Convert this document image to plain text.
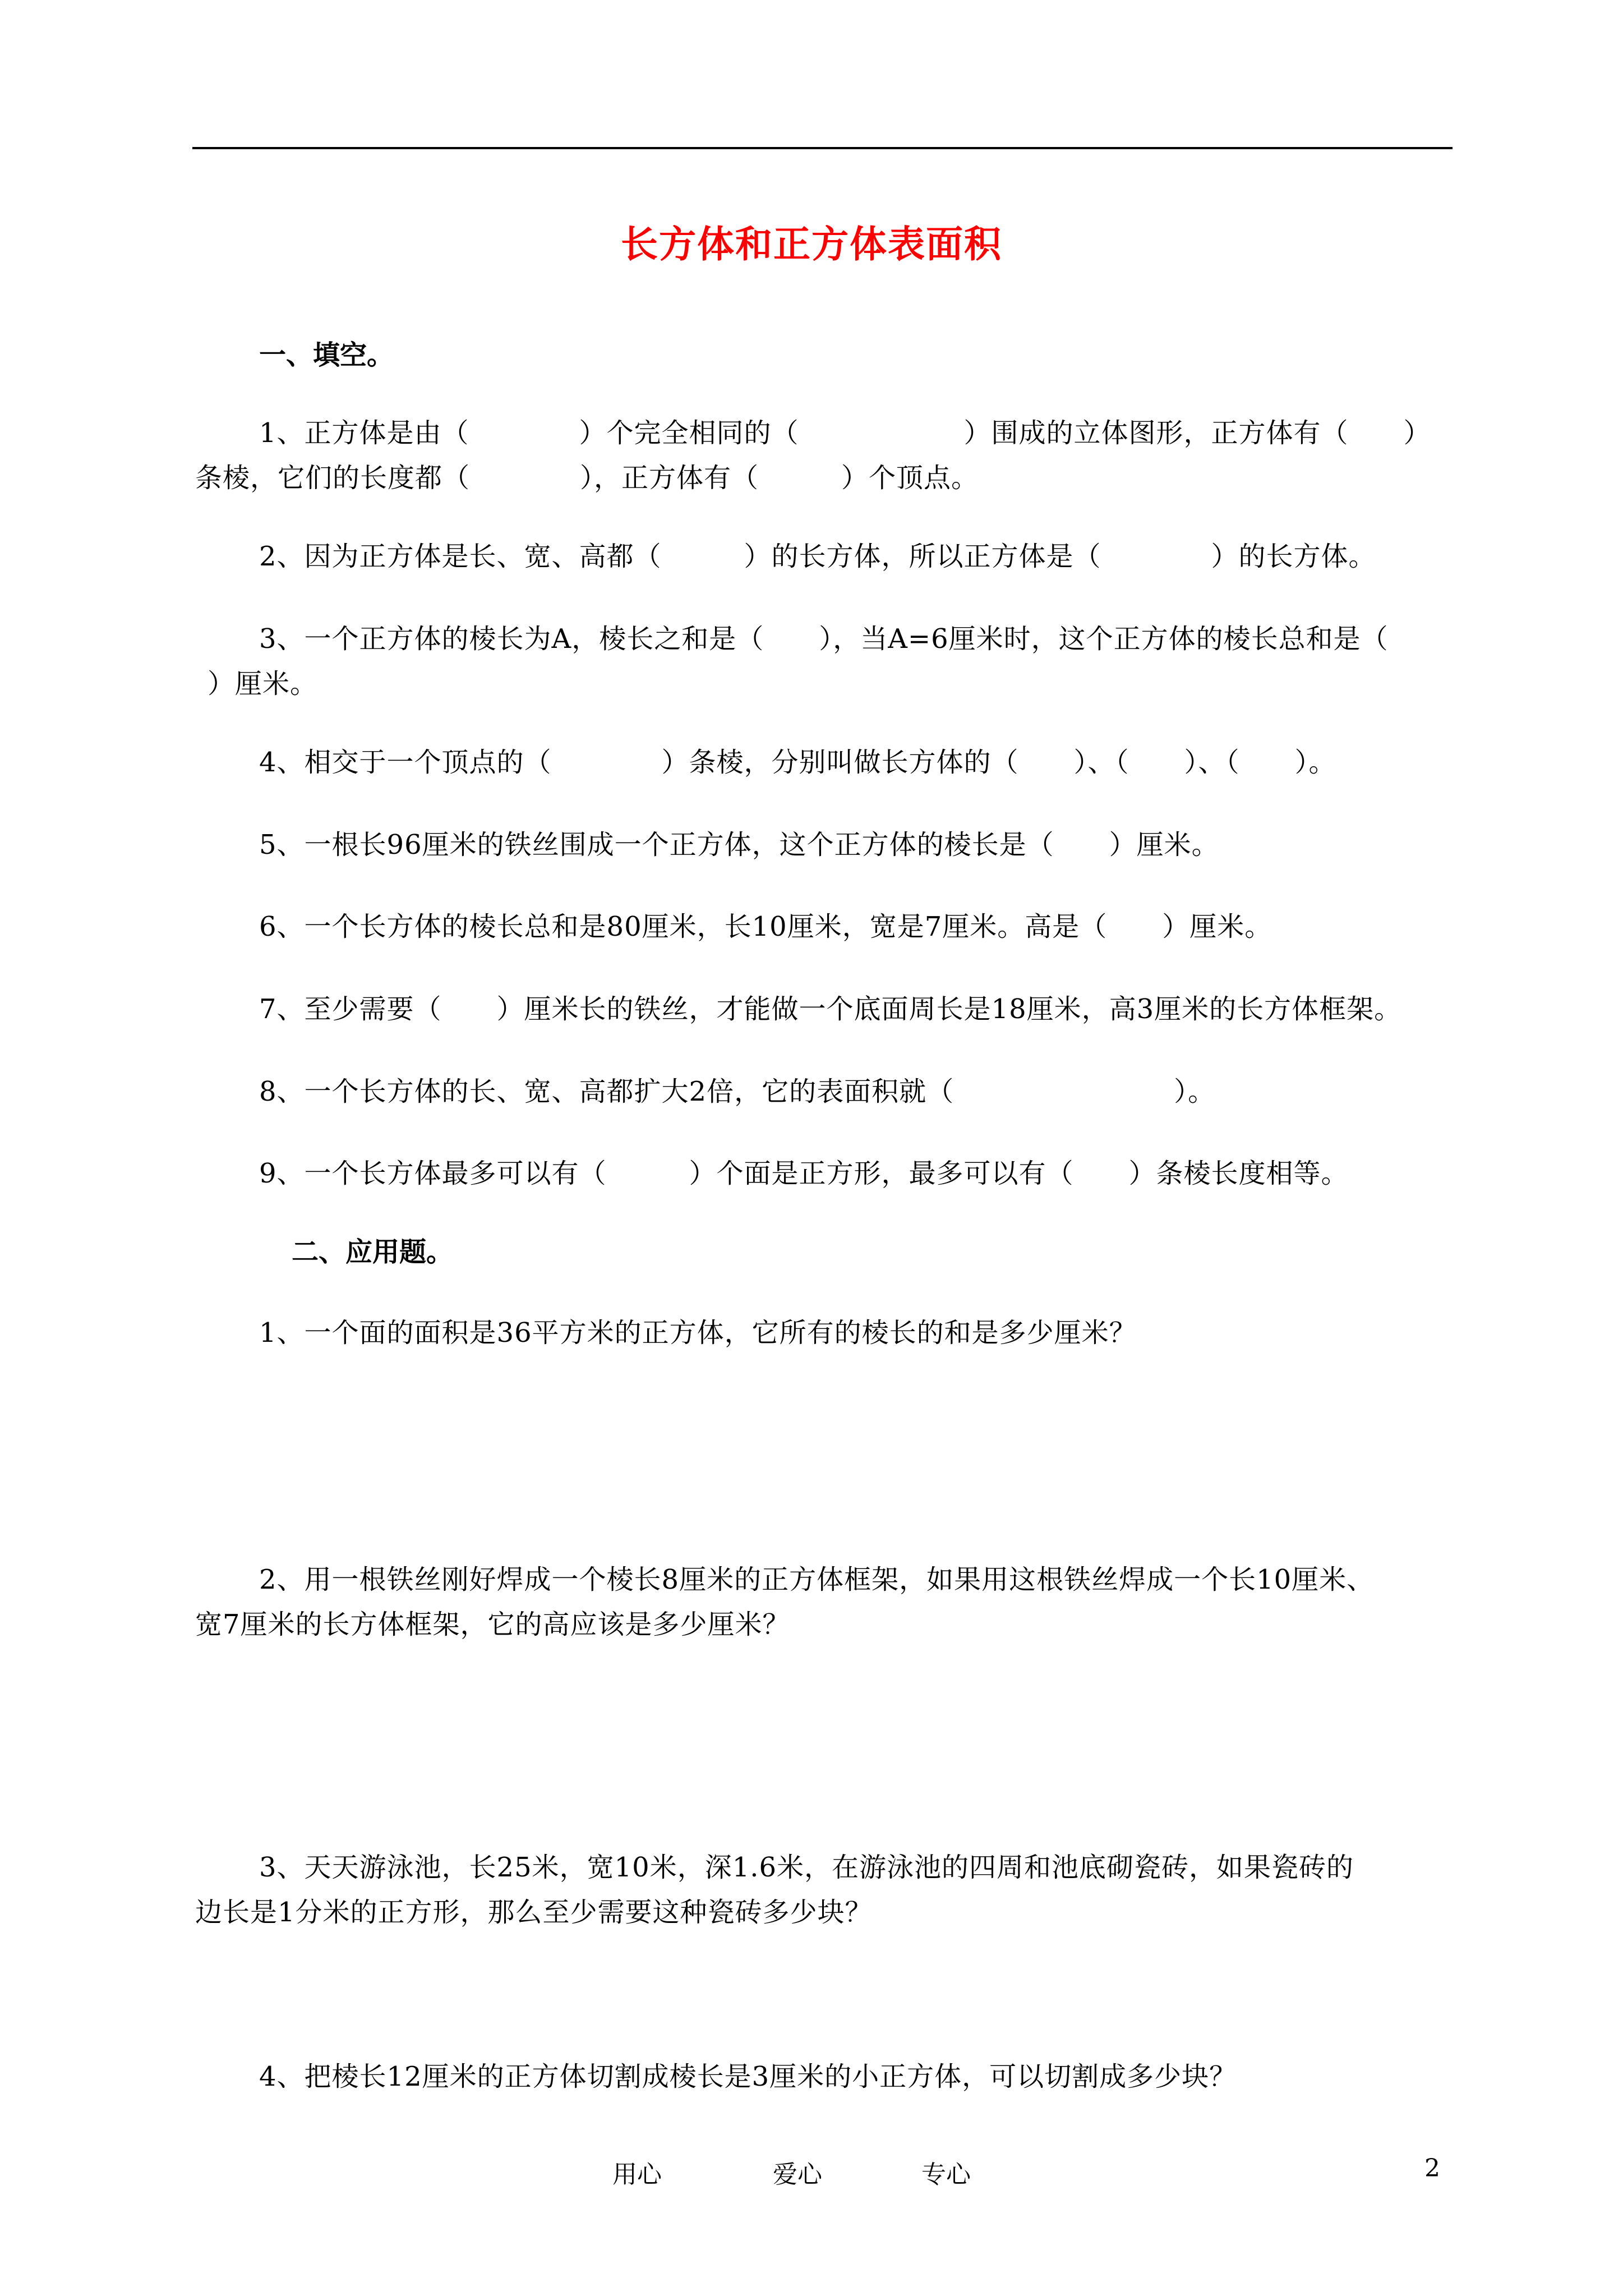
长方体和正方体表面积
一、填空。
1、正方体是由（　　　　）个完全相同的（　　　　　　）围成的立体图形，正方体有（　　）
条棱，它们的长度都（　　　　），正方体有（　　　）个顶点。
2、因为正方体是长、宽、高都（　　　）的长方体，所以正方体是（　　　　）的长方体。
3、一个正方体的棱长为A，棱长之和是（　　），当A=6厘米时，这个正方体的棱长总和是（
）厘米。
4、相交于一个顶点的（　　　　）条棱，分别叫做长方体的（　　）、（　　）、（　　）。
5、一根长96厘米的铁丝围成一个正方体，这个正方体的棱长是（　　）厘米。
6、一个长方体的棱长总和是80厘米，长10厘米，宽是7厘米。高是（　　）厘米。
7、至少需要（　　）厘米长的铁丝，才能做一个底面周长是18厘米，高3厘米的长方体框架。
8、一个长方体的长、宽、高都扩大2倍，它的表面积就（　　　　　　　　）。
9、一个长方体最多可以有（　　　）个面是正方形，最多可以有（　　）条棱长度相等。
二、应用题。
1、一个面的面积是36平方米的正方体，它所有的棱长的和是多少厘米？
2、用一根铁丝刚好焊成一个棱长8厘米的正方体框架，如果用这根铁丝焊成一个长10厘米、
宽7厘米的长方体框架，它的高应该是多少厘米？
3、天天游泳池，长25米，宽10米，深1.6米，在游泳池的四周和池底砌瓷砖，如果瓷砖的
边长是1分米的正方形，那么至少需要这种瓷砖多少块？
4、把棱长12厘米的正方体切割成棱长是3厘米的小正方体，可以切割成多少块？
用心	爱心	专心	2
